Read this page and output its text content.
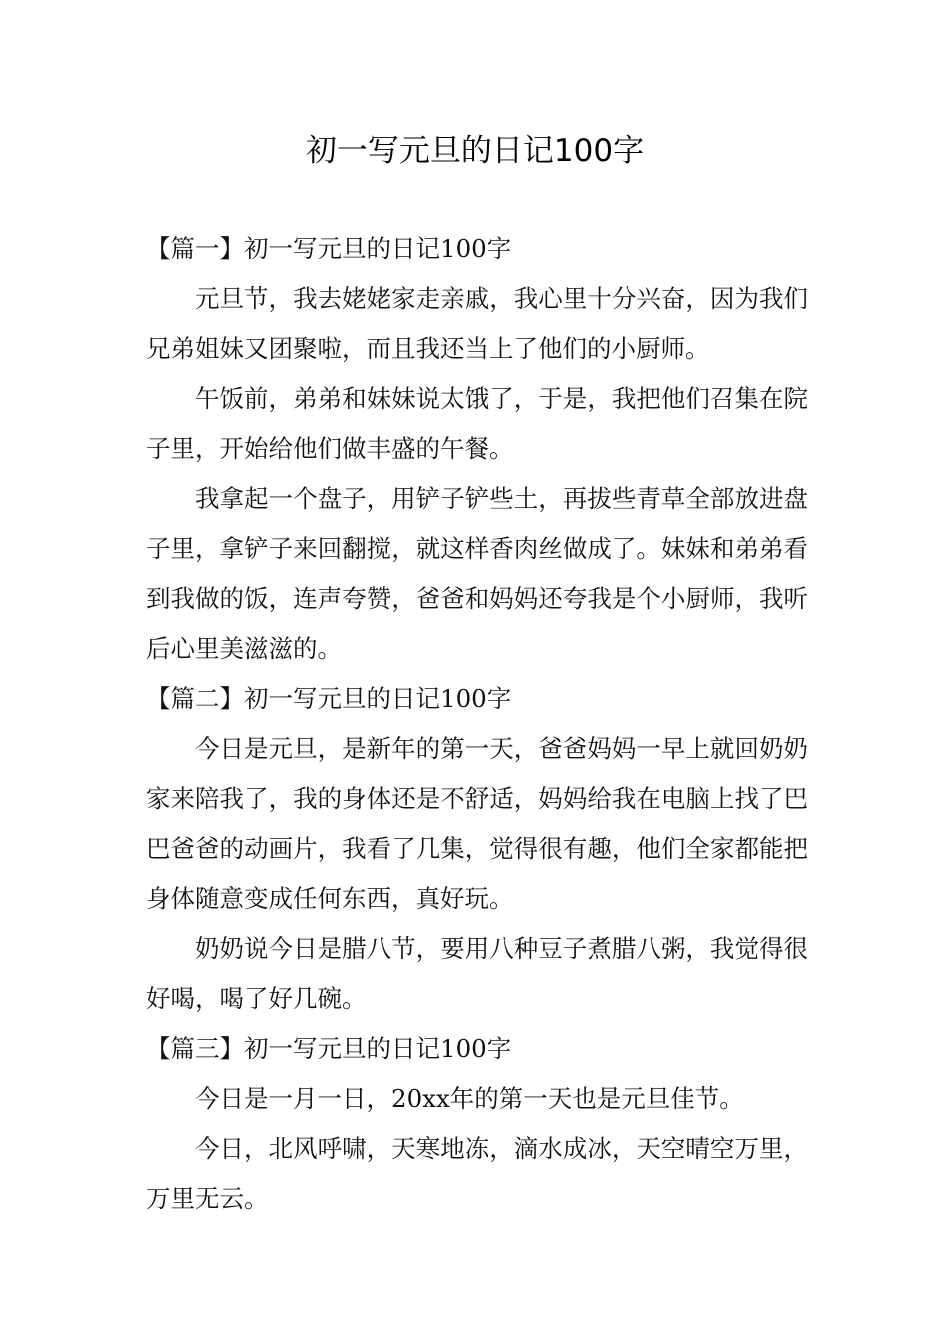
初一写元旦的日记100字
【篇一】初一写元旦的日记100字

元旦节，我去姥姥家走亲戚，我心里十分兴奋，因为我们兄弟姐妹又团聚啦，而且我还当上了他们的小厨师。

午饭前，弟弟和妹妹说太饿了，于是，我把他们召集在院子里，开始给他们做丰盛的午餐。

我拿起一个盘子，用铲子铲些土，再拔些青草全部放进盘子里，拿铲子来回翻搅，就这样香肉丝做成了。妹妹和弟弟看到我做的饭，连声夸赞，爸爸和妈妈还夸我是个小厨师，我听后心里美滋滋的。

【篇二】初一写元旦的日记100字

今日是元旦，是新年的第一天，爸爸妈妈一早上就回奶奶家来陪我了，我的身体还是不舒适，妈妈给我在电脑上找了巴巴爸爸的动画片，我看了几集，觉得很有趣，他们全家都能把身体随意变成任何东西，真好玩。

奶奶说今日是腊八节，要用八种豆子煮腊八粥，我觉得很好喝，喝了好几碗。

【篇三】初一写元旦的日记100字

今日是一月一日，20xx年的第一天也是元旦佳节。

今日，北风呼啸，天寒地冻，滴水成冰，天空晴空万里，万里无云。
